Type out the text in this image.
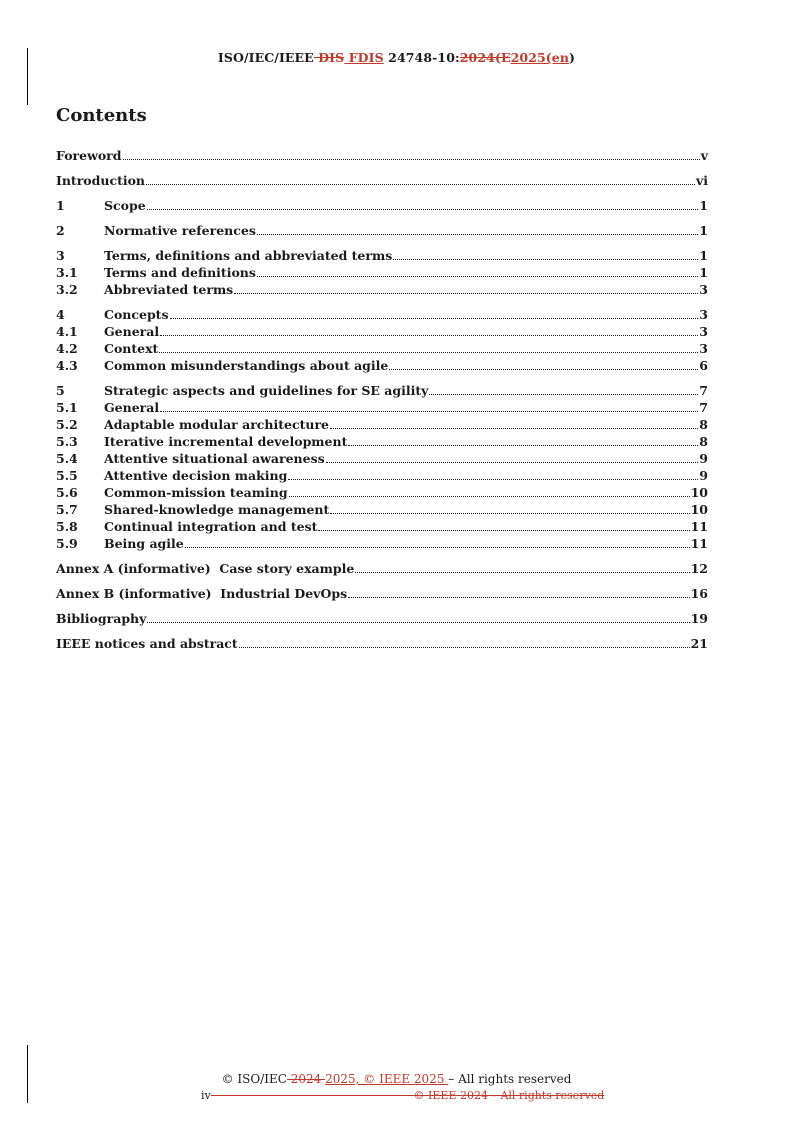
ISO/IEC/IEEE DIS FDIS 24748-10:2024(E2025(en)
Contents
Foreword	v
Introduction	vi
1	Scope	1
2	Normative references	1
3	Terms, definitions and abbreviated terms	1
3.1	Terms and definitions	1
3.2	Abbreviated terms	3
4	Concepts	3
4.1	General	3
4.2	Context	3
4.3	Common misunderstandings about agile	6
5	Strategic aspects and guidelines for SE agility	7
5.1	General	7
5.2	Adaptable modular architecture	8
5.3	Iterative incremental development	8
5.4	Attentive situational awareness	9
5.5	Attentive decision making	9
5.6	Common-mission teaming	10
5.7	Shared-knowledge management	10
5.8	Continual integration and test	11
5.9	Being agile	11
Annex A (informative)  Case story example	12
Annex B (informative)  Industrial DevOps	16
Bibliography	19
IEEE notices and abstract	21
© ISO/IEC 2024 2025, © IEEE 2025 – All rights reserved
iv                                                          © IEEE 2024 – All rights reserved
